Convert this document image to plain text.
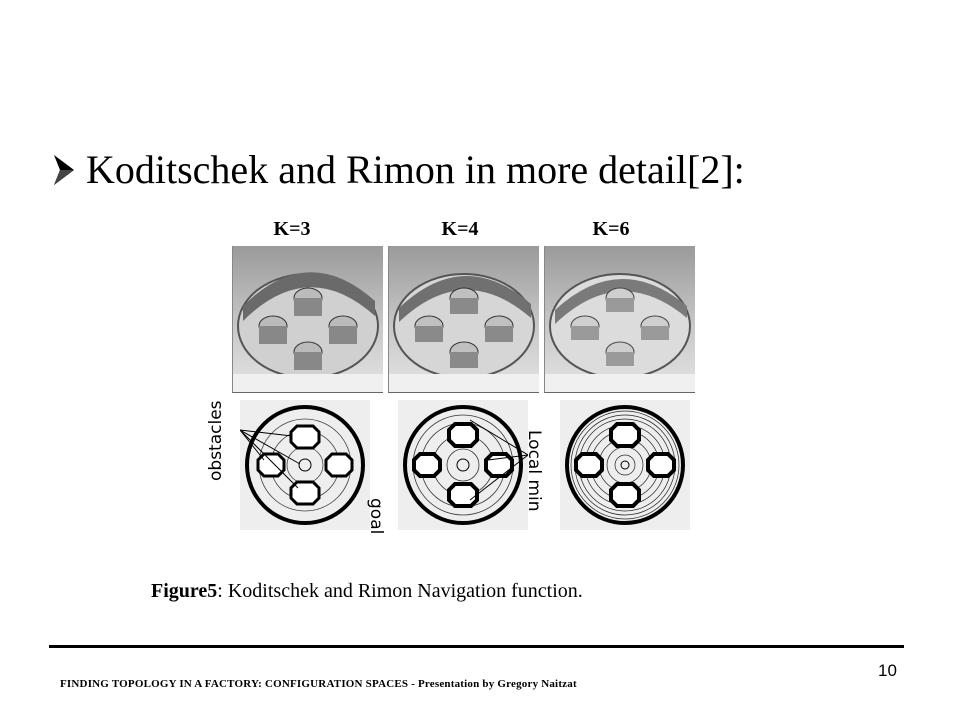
Koditschek and Rimon in more detail[2]:
K=3	K=4	K=6
obstacles
goal
Local min
Figure5: Koditschek and Rimon Navigation function.
FINDING TOPOLOGY IN A FACTORY: CONFIGURATION SPACES - Presentation by Gregory Naitzat
10
